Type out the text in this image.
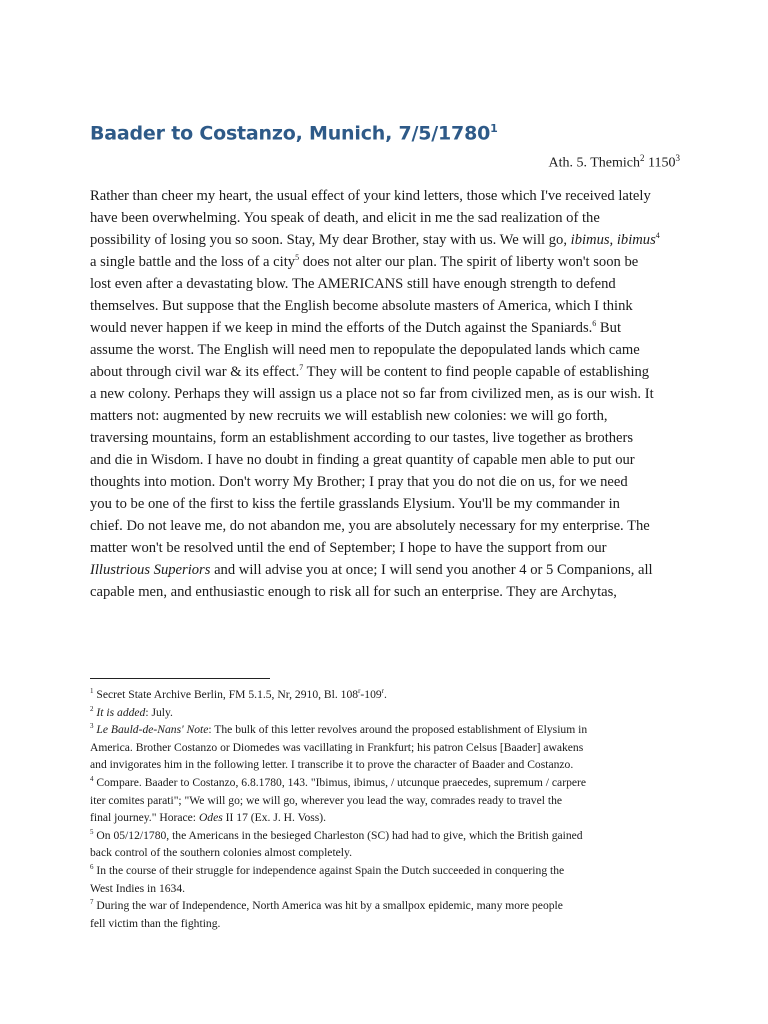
Baader to Costanzo, Munich, 7/5/1780$^1$
Ath. 5. Themich$^2$ 1150$^3$
Rather than cheer my heart, the usual effect of your kind letters, those which I've received lately
have been overwhelming. You speak of death, and elicit in me the sad realization of the
possibility of losing you so soon. Stay, My dear Brother, stay with us. We will go, ibimus, ibimus$^4$
a single battle and the loss of a city$^5$ does not alter our plan. The spirit of liberty won't soon be
lost even after a devastating blow. The AMERICANS still have enough strength to defend
themselves. But suppose that the English become absolute masters of America, which I think
would never happen if we keep in mind the efforts of the Dutch against the Spaniards.$^6$ But
assume the worst. The English will need men to repopulate the depopulated lands which came
about through civil war & its effect.$^7$ They will be content to find people capable of establishing
a new colony. Perhaps they will assign us a place not so far from civilized men, as is our wish. It
matters not: augmented by new recruits we will establish new colonies: we will go forth,
traversing mountains, form an establishment according to our tastes, live together as brothers
and die in Wisdom. I have no doubt in finding a great quantity of capable men able to put our
thoughts into motion. Don't worry My Brother; I pray that you do not die on us, for we need
you to be one of the first to kiss the fertile grasslands Elysium. You'll be my commander in
chief. Do not leave me, do not abandon me, you are absolutely necessary for my enterprise. The
matter won't be resolved until the end of September; I hope to have the support from our
Illustrious Superiors and will advise you at once; I will send you another 4 or 5 Companions, all
capable men, and enthusiastic enough to risk all for such an enterprise. They are Archytas,
$^1$ Secret State Archive Berlin, FM 5.1.5, Nr, 2910, Bl. 108$^r$-109$^r$.
$^2$ It is added: July.
$^3$ Le Bauld-de-Nans' Note: The bulk of this letter revolves around the proposed establishment of Elysium in
America. Brother Costanzo or Diomedes was vacillating in Frankfurt; his patron Celsus [Baader] awakens
and invigorates him in the following letter. I transcribe it to prove the character of Baader and Costanzo.
$^4$ Compare. Baader to Costanzo, 6.8.1780, 143. "Ibimus, ibimus, / utcunque praecedes, supremum / carpere
iter comites parati"; "We will go; we will go, wherever you lead the way, comrades ready to travel the
final journey." Horace: Odes II 17 (Ex. J. H. Voss).
$^5$ On 05/12/1780, the Americans in the besieged Charleston (SC) had had to give, which the British gained
back control of the southern colonies almost completely.
$^6$ In the course of their struggle for independence against Spain the Dutch succeeded in conquering the
West Indies in 1634.
$^7$ During the war of Independence, North America was hit by a smallpox epidemic, many more people
fell victim than the fighting.
